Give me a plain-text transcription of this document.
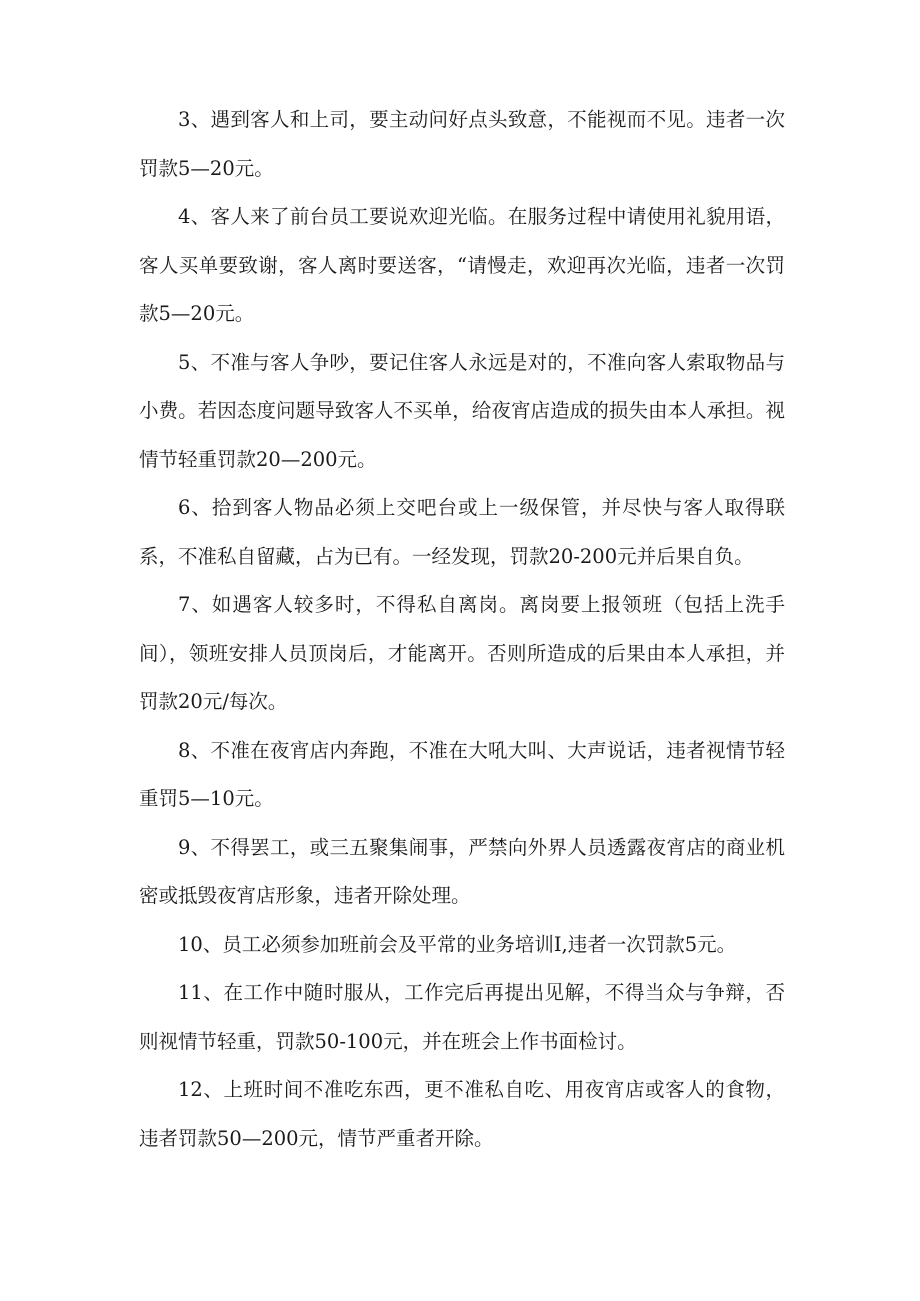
3、遇到客人和上司，要主动问好点头致意，不能视而不见。违者一次罚款5—20元。

4、客人来了前台员工要说欢迎光临。在服务过程中请使用礼貌用语，客人买单要致谢，客人离时要送客，“请慢走，欢迎再次光临，违者一次罚款5—20元。

5、不准与客人争吵，要记住客人永远是对的，不准向客人索取物品与小费。若因态度问题导致客人不买单，给夜宵店造成的损失由本人承担。视情节轻重罚款20—200元。

6、拾到客人物品必须上交吧台或上一级保管，并尽快与客人取得联系，不准私自留藏，占为已有。一经发现，罚款20-200元并后果自负。

7、如遇客人较多时，不得私自离岗。离岗要上报领班（包括上洗手间），领班安排人员顶岗后，才能离开。否则所造成的后果由本人承担，并罚款20元/每次。

8、不准在夜宵店内奔跑，不准在大吼大叫、大声说话，违者视情节轻重罚5—10元。

9、不得罢工，或三五聚集闹事，严禁向外界人员透露夜宵店的商业机密或抵毁夜宵店形象，违者开除处理。

10、员工必须参加班前会及平常的业务培训I,违者一次罚款5元。

11、在工作中随时服从，工作完后再提出见解，不得当众与争辩，否则视情节轻重，罚款50-100元，并在班会上作书面检讨。

12、上班时间不准吃东西，更不准私自吃、用夜宵店或客人的食物，违者罚款50—200元，情节严重者开除。
